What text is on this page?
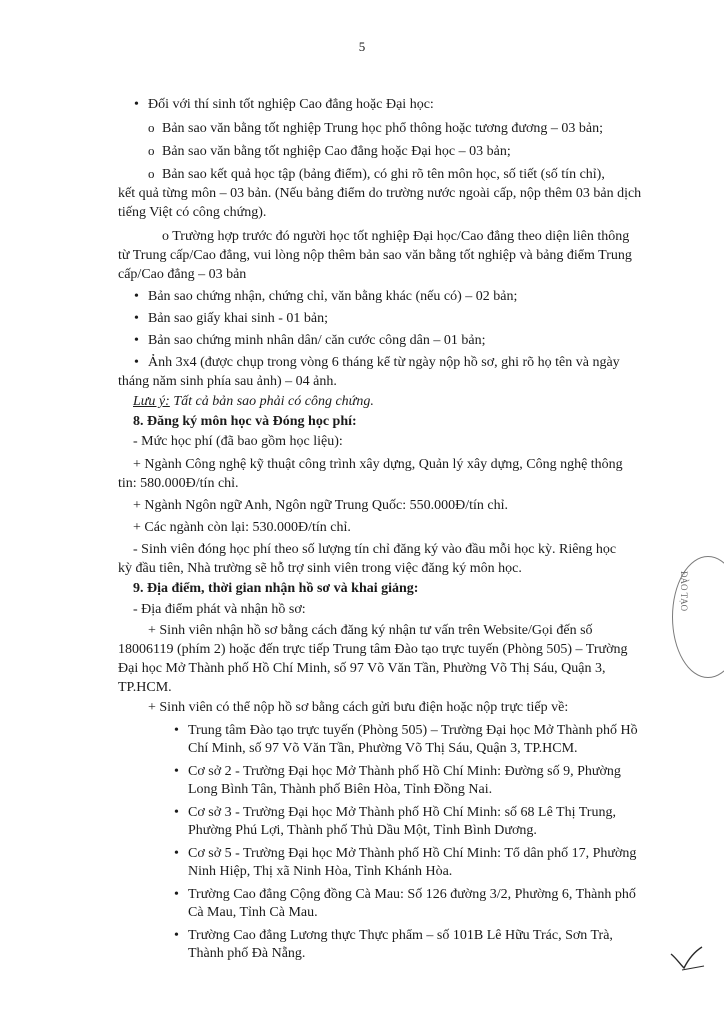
5
• Đối với thí sinh tốt nghiệp Cao đẳng hoặc Đại học:
o Bản sao văn bằng tốt nghiệp Trung học phổ thông hoặc tương đương – 03 bản;
o Bản sao văn bằng tốt nghiệp Cao đẳng hoặc Đại học – 03 bản;
o Bản sao kết quả học tập (bảng điểm), có ghi rõ tên môn học, số tiết (số tín chỉ),
kết quả từng môn – 03 bản. (Nếu bảng điểm do trường nước ngoài cấp, nộp thêm 03 bản dịch
tiếng Việt có công chứng).
o Trường hợp trước đó người học tốt nghiệp Đại học/Cao đẳng theo diện liên thông
từ Trung cấp/Cao đẳng, vui lòng nộp thêm bản sao văn bằng tốt nghiệp và bảng điểm Trung
cấp/Cao đẳng – 03 bản
• Bản sao chứng nhận, chứng chỉ, văn bằng khác (nếu có) – 02 bản;
• Bản sao giấy khai sinh - 01 bản;
• Bản sao chứng minh nhân dân/ căn cước công dân – 01 bản;
• Ảnh 3x4 (được chụp trong vòng 6 tháng kể từ ngày nộp hồ sơ, ghi rõ họ tên và ngày
tháng năm sinh phía sau ảnh) – 04 ảnh.
Lưu ý: Tất cả bản sao phải có công chứng.
8. Đăng ký môn học và Đóng học phí:
- Mức học phí (đã bao gồm học liệu):
+ Ngành Công nghệ kỹ thuật công trình xây dựng, Quản lý xây dựng, Công nghệ thông
tin: 580.000Đ/tín chỉ.
+ Ngành Ngôn ngữ Anh, Ngôn ngữ Trung Quốc: 550.000Đ/tín chỉ.
+ Các ngành còn lại: 530.000Đ/tín chỉ.
- Sinh viên đóng học phí theo số lượng tín chỉ đăng ký vào đầu mỗi học kỳ. Riêng học
kỳ đầu tiên, Nhà trường sẽ hỗ trợ sinh viên trong việc đăng ký môn học.
9. Địa điểm, thời gian nhận hồ sơ và khai giảng:
- Địa điểm phát và nhận hồ sơ:
+ Sinh viên nhận hồ sơ bằng cách đăng ký nhận tư vấn trên Website/Gọi đến số
18006119 (phím 2) hoặc đến trực tiếp Trung tâm Đào tạo trực tuyến (Phòng 505) – Trường
Đại học Mở Thành phố Hồ Chí Minh, số 97 Võ Văn Tần, Phường Võ Thị Sáu, Quận 3,
TP.HCM.
+ Sinh viên có thể nộp hồ sơ bằng cách gửi bưu điện hoặc nộp trực tiếp về:
• Trung tâm Đào tạo trực tuyến (Phòng 505) – Trường Đại học Mở Thành phố Hồ
Chí Minh, số 97 Võ Văn Tần, Phường Võ Thị Sáu, Quận 3, TP.HCM.
• Cơ sở 2 - Trường Đại học Mở Thành phố Hồ Chí Minh: Đường số 9, Phường
Long Bình Tân, Thành phố Biên Hòa, Tỉnh Đồng Nai.
• Cơ sở 3 - Trường Đại học Mở Thành phố Hồ Chí Minh: số 68 Lê Thị Trung,
Phường Phú Lợi, Thành phố Thủ Dầu Một, Tỉnh Bình Dương.
• Cơ sở 5 - Trường Đại học Mở Thành phố Hồ Chí Minh: Tổ dân phố 17, Phường
Ninh Hiệp, Thị xã Ninh Hòa, Tỉnh Khánh Hòa.
• Trường Cao đẳng Cộng đồng Cà Mau: Số 126 đường 3/2, Phường 6, Thành phố
Cà Mau, Tỉnh Cà Mau.
• Trường Cao đẳng Lương thực Thực phẩm – số 101B Lê Hữu Trác, Sơn Trà,
Thành phố Đà Nẵng.
ĐÀO TẠO
